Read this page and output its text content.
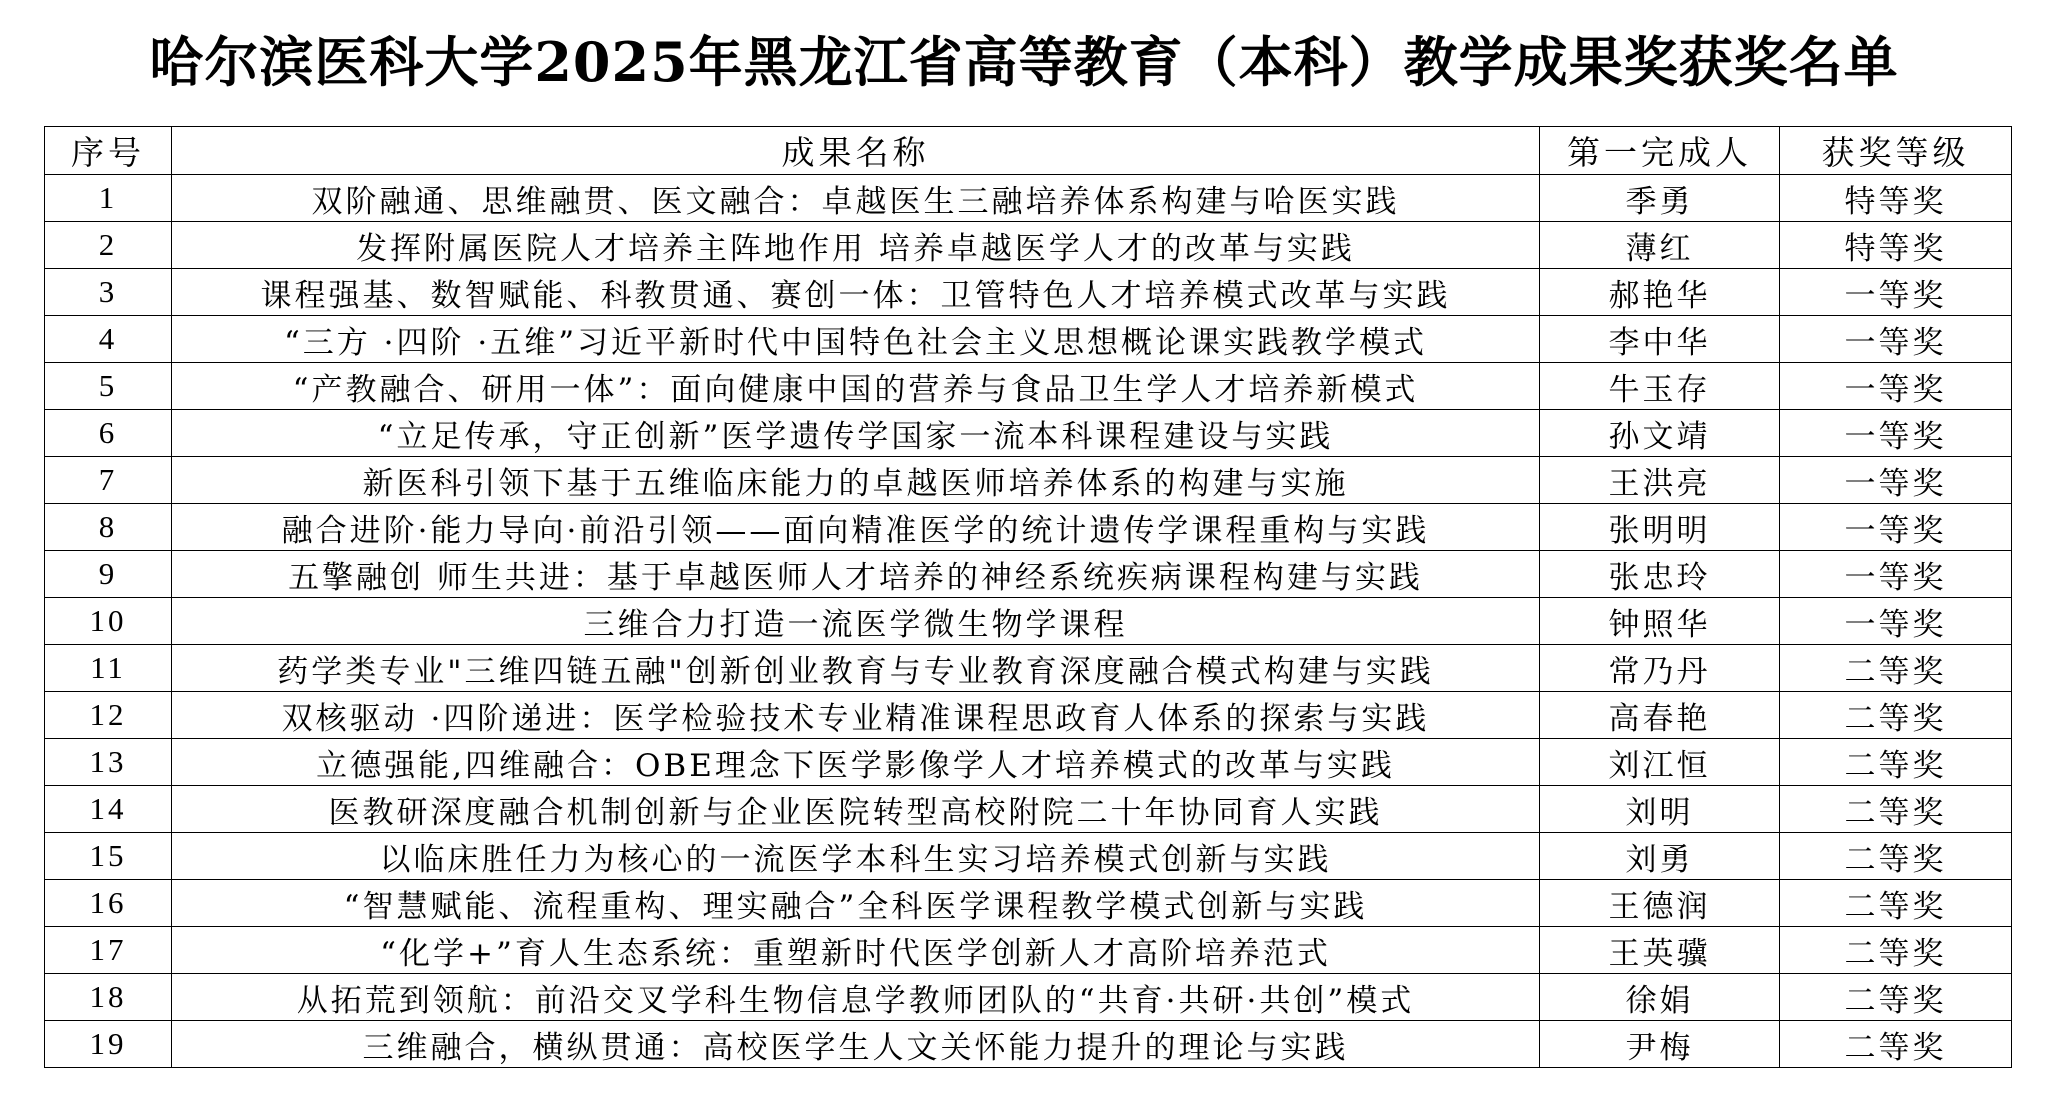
哈尔滨医科大学2025年黑龙江省高等教育（本科）教学成果奖获奖名单
序号	成果名称	第一完成人	获奖等级
1	双阶融通、思维融贯、医文融合：卓越医生三融培养体系构建与哈医实践	季勇	特等奖
2	发挥附属医院人才培养主阵地作用 培养卓越医学人才的改革与实践	薄红	特等奖
3	课程强基、数智赋能、科教贯通、赛创一体：卫管特色人才培养模式改革与实践	郝艳华	一等奖
4	“三方 ·四阶 ·五维”习近平新时代中国特色社会主义思想概论课实践教学模式	李中华	一等奖
5	“产教融合、研用一体”：面向健康中国的营养与食品卫生学人才培养新模式	牛玉存	一等奖
6	“立足传承，守正创新”医学遗传学国家一流本科课程建设与实践	孙文靖	一等奖
7	新医科引领下基于五维临床能力的卓越医师培养体系的构建与实施	王洪亮	一等奖
8	融合进阶·能力导向·前沿引领——面向精准医学的统计遗传学课程重构与实践	张明明	一等奖
9	五擎融创 师生共进：基于卓越医师人才培养的神经系统疾病课程构建与实践	张忠玲	一等奖
10	三维合力打造一流医学微生物学课程	钟照华	一等奖
11	药学类专业"三维四链五融"创新创业教育与专业教育深度融合模式构建与实践	常乃丹	二等奖
12	双核驱动 ·四阶递进：医学检验技术专业精准课程思政育人体系的探索与实践	高春艳	二等奖
13	立德强能,四维融合：OBE理念下医学影像学人才培养模式的改革与实践	刘江恒	二等奖
14	医教研深度融合机制创新与企业医院转型高校附院二十年协同育人实践	刘明	二等奖
15	以临床胜任力为核心的一流医学本科生实习培养模式创新与实践	刘勇	二等奖
16	“智慧赋能、流程重构、理实融合”全科医学课程教学模式创新与实践	王德润	二等奖
17	“化学+”育人生态系统：重塑新时代医学创新人才高阶培养范式	王英骥	二等奖
18	从拓荒到领航：前沿交叉学科生物信息学教师团队的“共育·共研·共创”模式	徐娟	二等奖
19	三维融合，横纵贯通：高校医学生人文关怀能力提升的理论与实践	尹梅	二等奖
